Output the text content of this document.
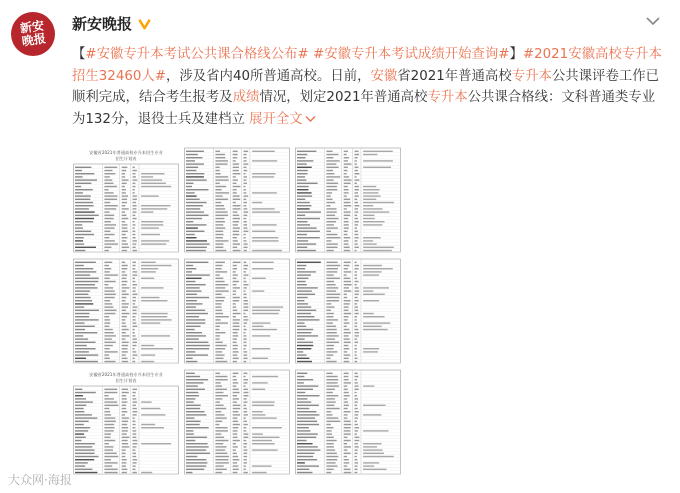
新安
晚报
新安晚报
【#安徽专升本考试公共课合格线公布# #安徽专升本考试成绩开始查询#】#2021安徽高校专升本招生32460人#，涉及省内40所普通高校。日前，安徽省2021年普通高校专升本公共课评卷工作已顺利完成，结合考生报考及成绩情况，划定2021年普通高校专升本公共课合格线：文科普通类专业为132分，退役士兵及建档立 展开全文
安徽省2021年普通高校专升本招生专业
招生计划表
安徽省2021年普通高校专升本招生专业
招生计划表
大众网·海报
